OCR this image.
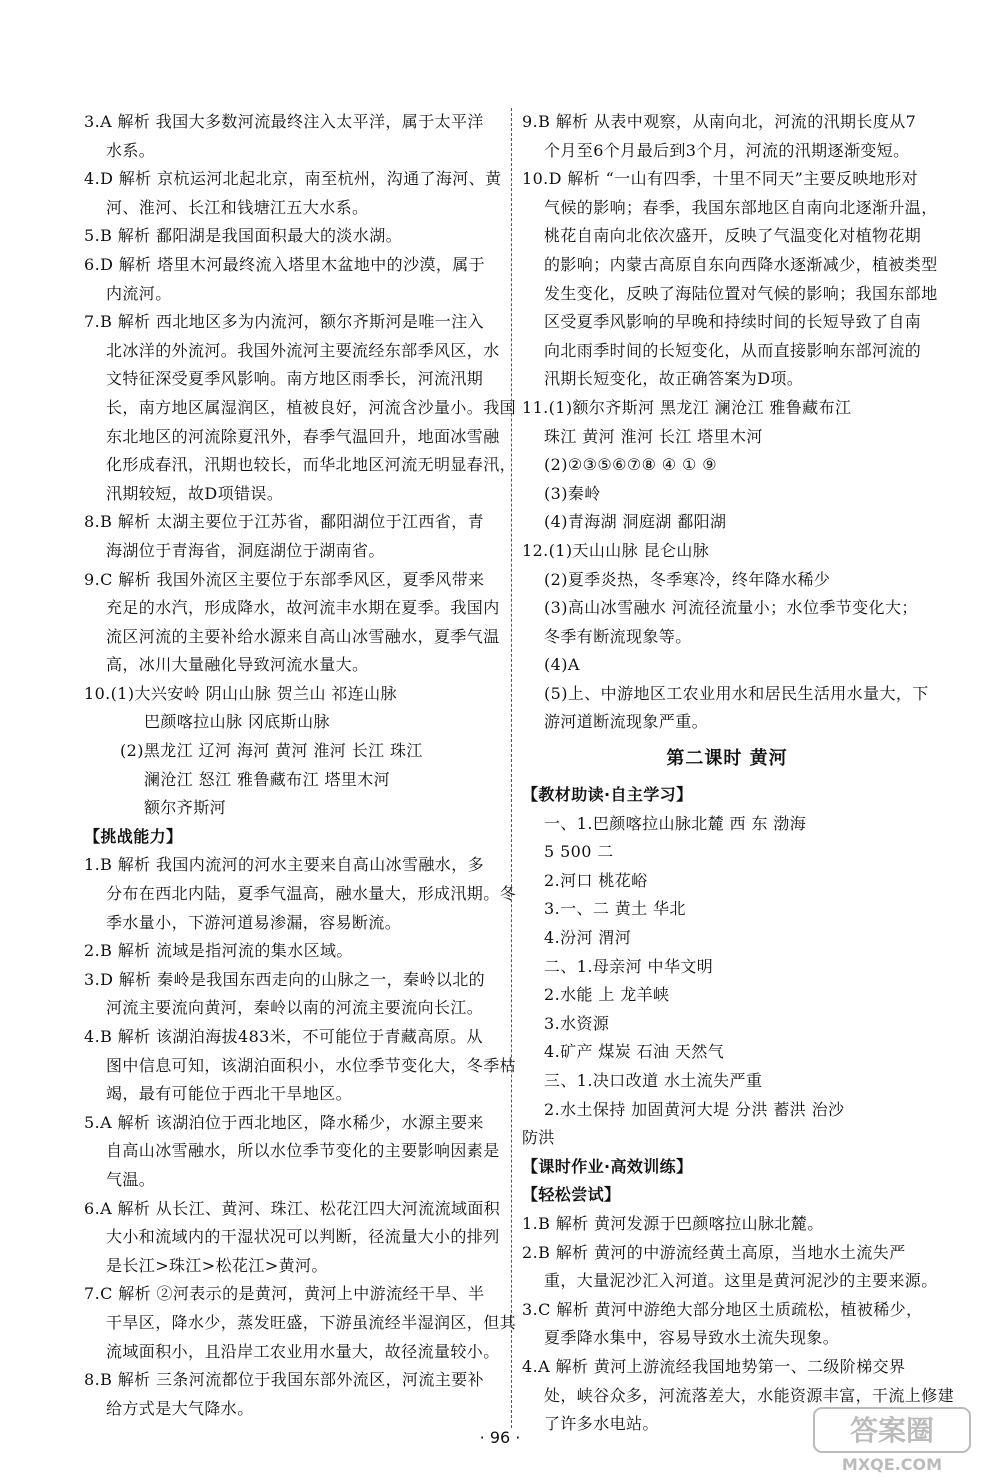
3.A 解析 我国大多数河流最终注入太平洋，属于太平洋
水系。
4.D 解析 京杭运河北起北京，南至杭州，沟通了海河、黄
河、淮河、长江和钱塘江五大水系。
5.B 解析 鄱阳湖是我国面积最大的淡水湖。
6.D 解析 塔里木河最终流入塔里木盆地中的沙漠，属于
内流河。
7.B 解析 西北地区多为内流河，额尔齐斯河是唯一注入
北冰洋的外流河。我国外流河主要流经东部季风区，水
文特征深受夏季风影响。南方地区雨季长，河流汛期
长，南方地区属湿润区，植被良好，河流含沙量小。我国
东北地区的河流除夏汛外，春季气温回升，地面冰雪融
化形成春汛，汛期也较长，而华北地区河流无明显春汛，
汛期较短，故D项错误。
8.B 解析 太湖主要位于江苏省，鄱阳湖位于江西省，青
海湖位于青海省，洞庭湖位于湖南省。
9.C 解析 我国外流区主要位于东部季风区，夏季风带来
充足的水汽，形成降水，故河流丰水期在夏季。我国内
流区河流的主要补给水源来自高山冰雪融水，夏季气温
高，冰川大量融化导致河流水量大。
10.(1)大兴安岭 阴山山脉 贺兰山 祁连山脉
巴颜喀拉山脉 冈底斯山脉
(2)黑龙江 辽河 海河 黄河 淮河 长江 珠江
澜沧江 怒江 雅鲁藏布江 塔里木河
额尔齐斯河
【挑战能力】
1.B 解析 我国内流河的河水主要来自高山冰雪融水，多
分布在西北内陆，夏季气温高，融水量大，形成汛期。冬
季水量小，下游河道易渗漏，容易断流。
2.B 解析 流域是指河流的集水区域。
3.D 解析 秦岭是我国东西走向的山脉之一，秦岭以北的
河流主要流向黄河，秦岭以南的河流主要流向长江。
4.B 解析 该湖泊海拔483米，不可能位于青藏高原。从
图中信息可知，该湖泊面积小，水位季节变化大，冬季枯
竭，最有可能位于西北干旱地区。
5.A 解析 该湖泊位于西北地区，降水稀少，水源主要来
自高山冰雪融水，所以水位季节变化的主要影响因素是
气温。
6.A 解析 从长江、黄河、珠江、松花江四大河流流域面积
大小和流域内的干湿状况可以判断，径流量大小的排列
是长江>珠江>松花江>黄河。
7.C 解析 ②河表示的是黄河，黄河上中游流经干旱、半
干旱区，降水少，蒸发旺盛，下游虽流经半湿润区，但其
流域面积小，且沿岸工农业用水量大，故径流量较小。
8.B 解析 三条河流都位于我国东部外流区，河流主要补
给方式是大气降水。
9.B 解析 从表中观察，从南向北，河流的汛期长度从7
个月至6个月最后到3个月，河流的汛期逐渐变短。
10.D 解析 “一山有四季，十里不同天”主要反映地形对
气候的影响；春季，我国东部地区自南向北逐渐升温，
桃花自南向北依次盛开，反映了气温变化对植物花期
的影响；内蒙古高原自东向西降水逐渐减少，植被类型
发生变化，反映了海陆位置对气候的影响；我国东部地
区受夏季风影响的早晚和持续时间的长短导致了自南
向北雨季时间的长短变化，从而直接影响东部河流的
汛期长短变化，故正确答案为D项。
11.(1)额尔齐斯河 黑龙江 澜沧江 雅鲁藏布江
珠江 黄河 淮河 长江 塔里木河
(2)②③⑤⑥⑦⑧ ④ ① ⑨
(3)秦岭
(4)青海湖 洞庭湖 鄱阳湖
12.(1)天山山脉 昆仑山脉
(2)夏季炎热，冬季寒冷，终年降水稀少
(3)高山冰雪融水 河流径流量小；水位季节变化大；
冬季有断流现象等。
(4)A
(5)上、中游地区工农业用水和居民生活用水量大，下
游河道断流现象严重。
第二课时 黄河
【教材助读·自主学习】
一、1.巴颜喀拉山脉北麓 西 东 渤海
5 500 二
2.河口 桃花峪
3.一、二 黄土 华北
4.汾河 渭河
二、1.母亲河 中华文明
2.水能 上 龙羊峡
3.水资源
4.矿产 煤炭 石油 天然气
三、1.决口改道 水土流失严重
2.水土保持 加固黄河大堤 分洪 蓄洪 治沙
防洪
【课时作业·高效训练】
【轻松尝试】
1.B 解析 黄河发源于巴颜喀拉山脉北麓。
2.B 解析 黄河的中游流经黄土高原，当地水土流失严
重，大量泥沙汇入河道。这里是黄河泥沙的主要来源。
3.C 解析 黄河中游绝大部分地区土质疏松，植被稀少，
夏季降水集中，容易导致水土流失现象。
4.A 解析 黄河上游流经我国地势第一、二级阶梯交界
处，峡谷众多，河流落差大，水能资源丰富，干流上修建
了许多水电站。
· 96 ·	答案圈
MXQE.COM
